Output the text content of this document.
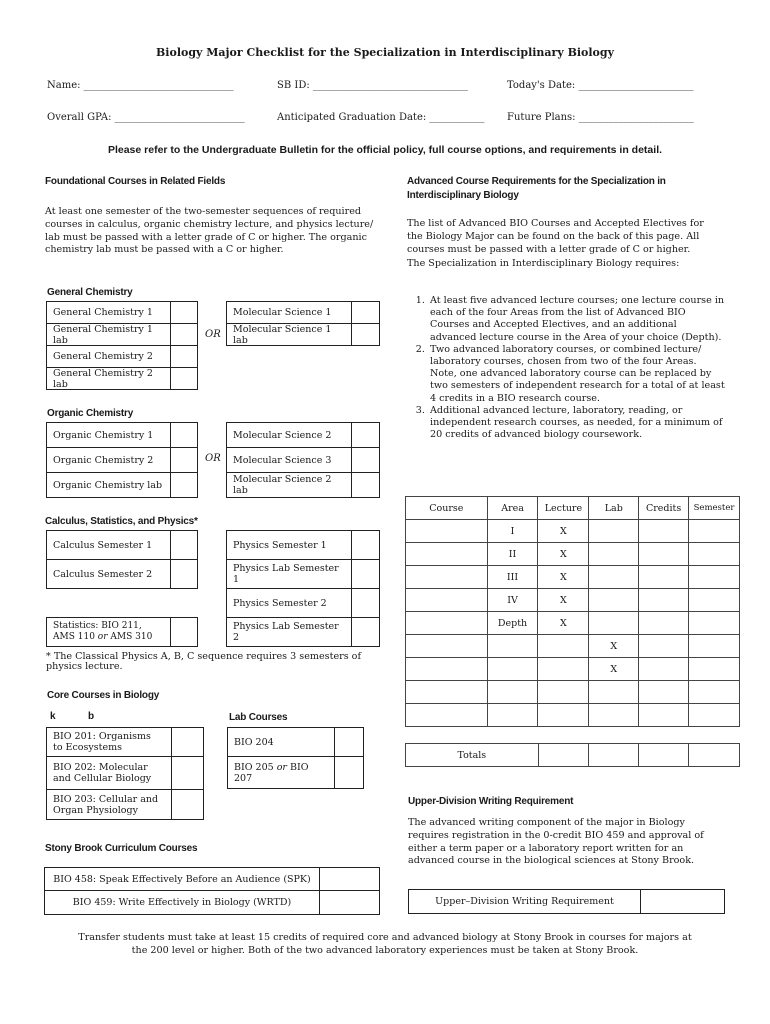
Biology Major Checklist for the Specialization in Interdisciplinary Biology
Name: ______________________________	SB ID: _______________________________	Today's Date: _______________________
Overall GPA: __________________________	Anticipated Graduation Date: ___________ Future Plans: _______________________
Please refer to the Undergraduate Bulletin for the official policy, full course options, and requirements in detail.
Foundational Courses in Related Fields
At least one semester of the two-semester sequences of required courses in calculus, organic chemistry lecture, and physics lecture/ lab must be passed with a letter grade of C or higher. The organic chemistry lab must be passed with a C or higher.
General Chemistry
General Chemistry 1
General Chemistry 1 lab
General Chemistry 2
General Chemistry 2 lab
OR
Molecular Science 1
Molecular Science 1 lab
Organic Chemistry
Organic Chemistry 1
Organic Chemistry 2
Organic Chemistry lab
OR
Molecular Science 2
Molecular Science 3
Molecular Science 2 lab
Calculus, Statistics, and Physics*
Calculus Semester 1
Calculus Semester 2
Statistics: BIO 211,
AMS 110 or AMS 310
Physics Semester 1
Physics Lab Semester 1
Physics Semester 2
Physics Lab Semester 2
* The Classical Physics A, B, C sequence requires 3 semesters of physics lecture.
Core Courses in Biology
k	b	Lab Courses
BIO 201: Organisms
to Ecosystems
BIO 202: Molecular
and Cellular Biology
BIO 203: Cellular and
Organ Physiology
BIO 204
BIO 205 or BIO 207
Stony Brook Curriculum Courses
BIO 458: Speak Effectively Before an Audience (SPK)
BIO 459: Write Effectively in Biology (WRTD)
Advanced Course Requirements for the Specialization in Interdisciplinary Biology
The list of Advanced BIO Courses and Accepted Electives for the Biology Major can be found on the back of this page. All courses must be passed with a letter grade of C or higher.
The Specialization in Interdisciplinary Biology requires:
1. At least five advanced lecture courses; one lecture course in each of the four Areas from the list of Advanced BIO Courses and Accepted Electives, and an additional advanced lecture course in the Area of your choice (Depth).
2. Two advanced laboratory courses, or combined lecture/ laboratory courses, chosen from two of the four Areas. Note, one advanced laboratory course can be replaced by two semesters of independent research for a total of at least 4 credits in a BIO research course.
3. Additional advanced lecture, laboratory, reading, or independent research courses, as needed, for a minimum of 20 credits of advanced biology coursework.
Course	Area	Lecture	Lab	Credits	Semester
	I	X			
	II	X			
	III	X			
	IV	X			
	Depth	X			
			X		
			X		

Totals				
Upper-Division Writing Requirement
The advanced writing component of the major in Biology requires registration in the 0-credit BIO 459 and approval of either a term paper or a laboratory report written for an advanced course in the biological sciences at Stony Brook.
Upper–Division Writing Requirement
Transfer students must take at least 15 credits of required core and advanced biology at Stony Brook in courses for majors at the 200 level or higher. Both of the two advanced laboratory experiences must be taken at Stony Brook.
